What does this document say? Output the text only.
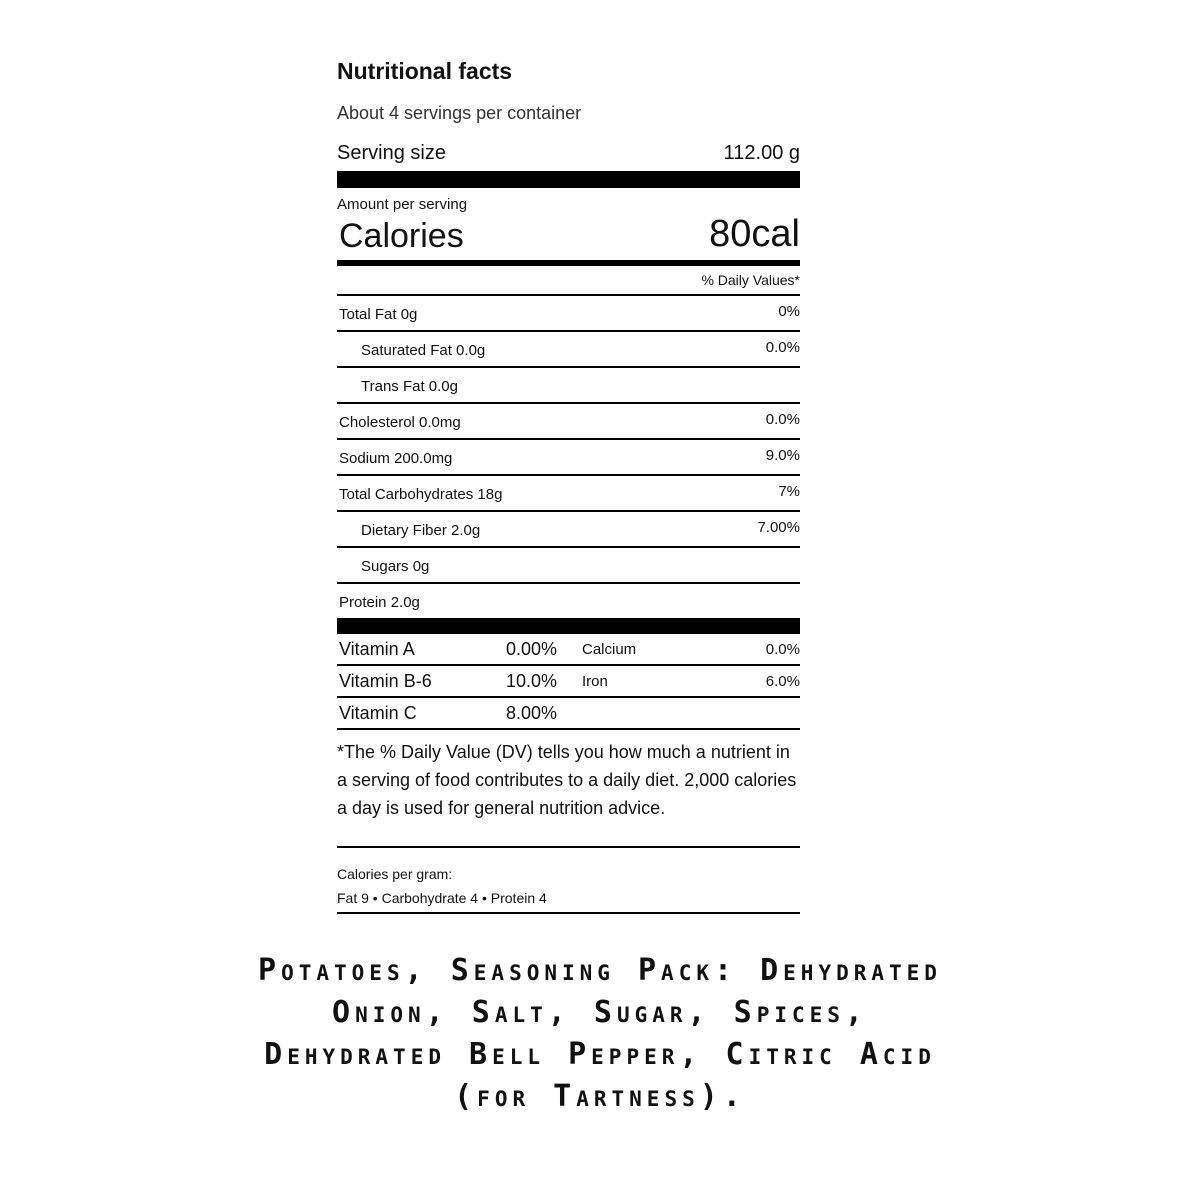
Nutritional facts
About 4 servings per container
Serving size	112.00 g
Amount per serving
Calories	80cal
% Daily Values*
Total Fat 0g	0%
Saturated Fat 0.0g	0.0%
Trans Fat 0.0g
Cholesterol 0.0mg	0.0%
Sodium 200.0mg	9.0%
Total Carbohydrates 18g	7%
Dietary Fiber 2.0g	7.00%
Sugars 0g
Protein 2.0g
Vitamin A	0.00%	Calcium	0.0%
Vitamin B-6	10.0%	Iron	6.0%
Vitamin C	8.00%
*The % Daily Value (DV) tells you how much a nutrient in a serving of food contributes to a daily diet. 2,000 calories a day is used for general nutrition advice.
Calories per gram:
Fat 9 • Carbohydrate 4 • Protein 4
Potatoes, Seasoning Pack: Dehydrated Onion, Salt, Sugar, Spices, Dehydrated Bell Pepper, Citric Acid (for Tartness).
